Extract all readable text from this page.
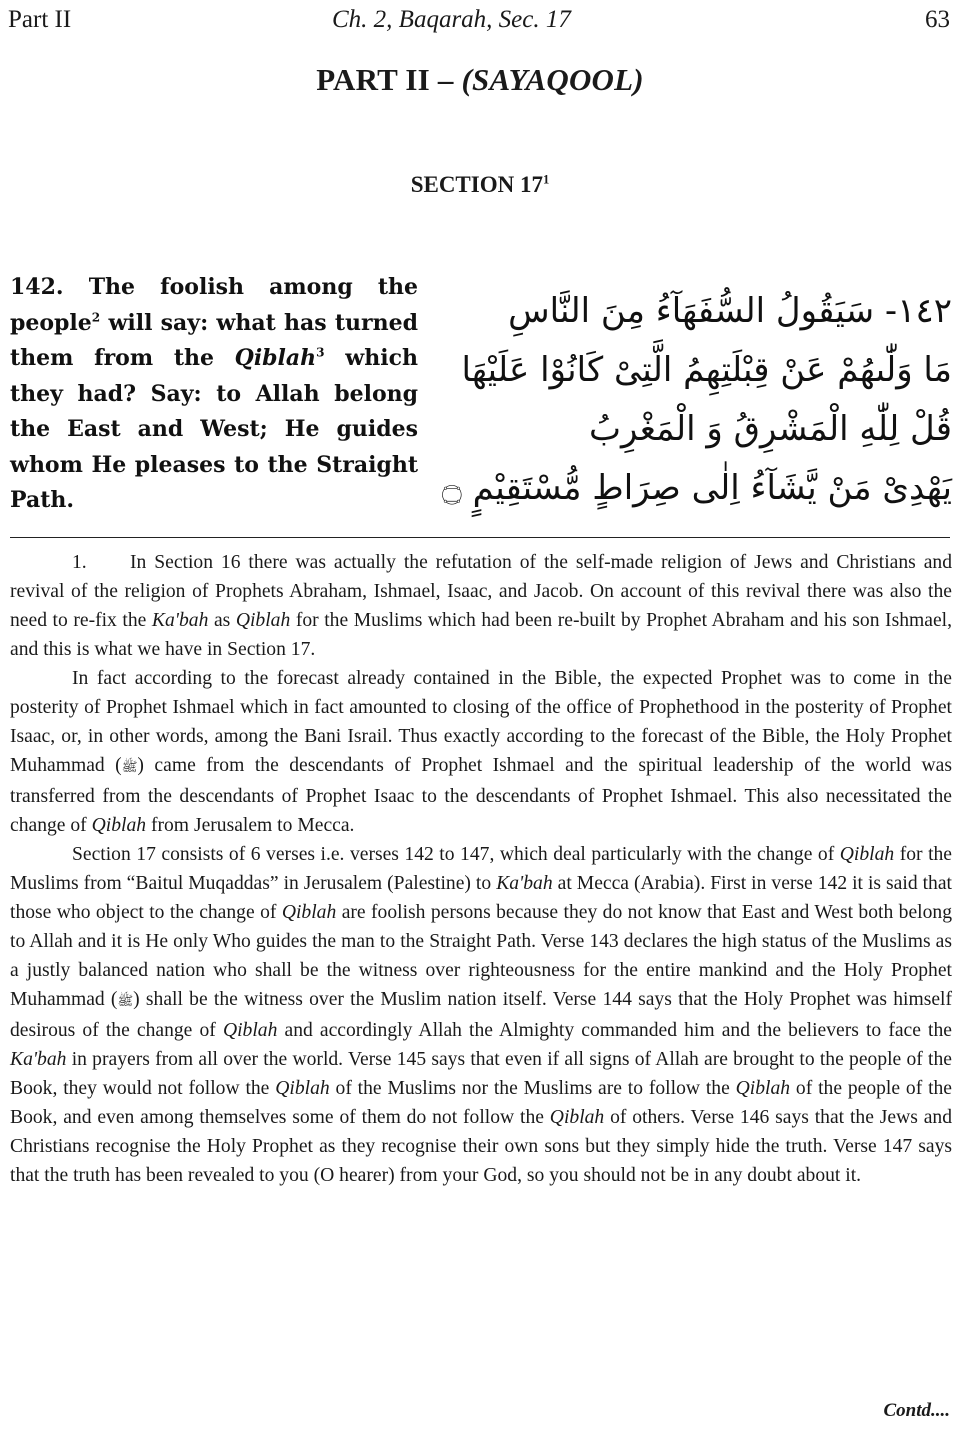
Part II	Ch. 2, Baqarah, Sec. 17	63
PART II – (SAYAQOOL)
SECTION $17^1$
142. The foolish among the people$^2$ will say: what has turned them from the Qiblah$^3$ which they had? Say: to Allah belong the East and West; He guides whom He pleases to the Straight Path.
١٤٢- سَيَقُولُ السُّفَهَآءُ مِنَ النَّاسِ
مَا وَلّٰىهُمْ عَنْ قِبْلَتِهِمُ الَّتِىْ كَانُوْا عَلَيْهَا
قُلْ لِلّٰهِ الْمَشْرِقُ وَ الْمَغْرِبُ
يَهْدِىْ مَنْ يَّشَآءُ اِلٰى صِرَاطٍ مُّسْتَقِيْمٍ ۝

1. In Section 16 there was actually the refutation of the self-made religion of Jews and Christians and revival of the religion of Prophets Abraham, Ishmael, Isaac, and Jacob. On account of this revival there was also the need to re-fix the Ka'bah as Qiblah for the Muslims which had been re-built by Prophet Abraham and his son Ishmael, and this is what we have in Section 17.

In fact according to the forecast already contained in the Bible, the expected Prophet was to come in the posterity of Prophet Ishmael which in fact amounted to closing of the office of Prophethood in the posterity of Prophet Isaac, or, in other words, among the Bani Israil. Thus exactly according to the forecast of the Bible, the Holy Prophet Muhammad (ﷺ) came from the descendants of Prophet Ishmael and the spiritual leadership of the world was transferred from the descendants of Prophet Isaac to the descendants of Prophet Ishmael. This also necessitated the change of Qiblah from Jerusalem to Mecca.

Section 17 consists of 6 verses i.e. verses 142 to 147, which deal particularly with the change of Qiblah for the Muslims from “Baitul Muqaddas” in Jerusalem (Palestine) to Ka'bah at Mecca (Arabia). First in verse 142 it is said that those who object to the change of Qiblah are foolish persons because they do not know that East and West both belong to Allah and it is He only Who guides the man to the Straight Path. Verse 143 declares the high status of the Muslims as a justly balanced nation who shall be the witness over righteousness for the entire mankind and the Holy Prophet Muhammad (ﷺ) shall be the witness over the Muslim nation itself. Verse 144 says that the Holy Prophet was himself desirous of the change of Qiblah and accordingly Allah the Almighty commanded him and the believers to face the Ka'bah in prayers from all over the world. Verse 145 says that even if all signs of Allah are brought to the people of the Book, they would not follow the Qiblah of the Muslims nor the Muslims are to follow the Qiblah of the people of the Book, and even among themselves some of them do not follow the Qiblah of others. Verse 146 says that the Jews and Christians recognise the Holy Prophet as they recognise their own sons but they simply hide the truth. Verse 147 says that the truth has been revealed to you (O hearer) from your God, so you should not be in any doubt about it.

Contd....
